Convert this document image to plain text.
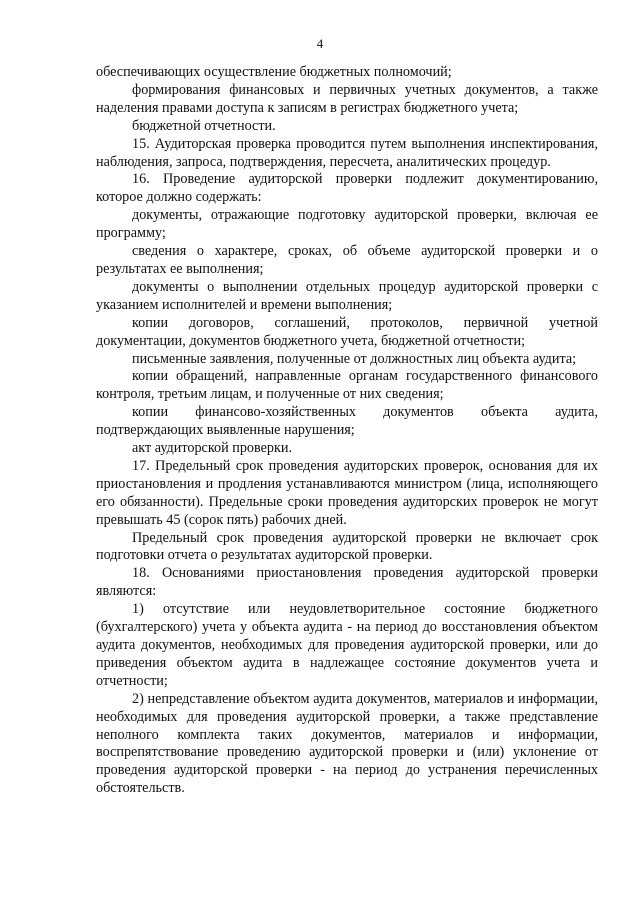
4

обеспечивающих осуществление бюджетных полномочий;

формирования финансовых и первичных учетных документов, а также наделения правами доступа к записям в регистрах бюджетного учета;

бюджетной отчетности.

15. Аудиторская проверка проводится путем выполнения инспектирования, наблюдения, запроса, подтверждения, пересчета, аналитических процедур.

16. Проведение аудиторской проверки подлежит документированию, которое должно содержать:

документы, отражающие подготовку аудиторской проверки, включая ее программу;

сведения о характере, сроках, об объеме аудиторской проверки и о результатах ее выполнения;

документы о выполнении отдельных процедур аудиторской проверки с указанием исполнителей и времени выполнения;

копии договоров, соглашений, протоколов, первичной учетной документации, документов бюджетного учета, бюджетной отчетности;

письменные заявления, полученные от должностных лиц объекта аудита;

копии обращений, направленные органам государственного финансового контроля, третьим лицам, и полученные от них сведения;

копии финансово-хозяйственных документов объекта аудита, подтверждающих выявленные нарушения;

акт аудиторской проверки.

17. Предельный срок проведения аудиторских проверок, основания для их приостановления и продления устанавливаются министром (лица, исполняющего его обязанности). Предельные сроки проведения аудиторских проверок не могут превышать 45 (сорок пять) рабочих дней.

Предельный срок проведения аудиторской проверки не включает срок подготовки отчета о результатах аудиторской проверки.

18. Основаниями приостановления проведения аудиторской проверки являются:

1) отсутствие или неудовлетворительное состояние бюджетного (бухгалтерского) учета у объекта аудита - на период до восстановления объектом аудита документов, необходимых для проведения аудиторской проверки, или до приведения объектом аудита в надлежащее состояние документов учета и отчетности;

2) непредставление объектом аудита документов, материалов и информации, необходимых для проведения аудиторской проверки, а также представление неполного комплекта таких документов, материалов и информации, воспрепятствование проведению аудиторской проверки и (или) уклонение от проведения аудиторской проверки - на период до устранения перечисленных обстоятельств.
